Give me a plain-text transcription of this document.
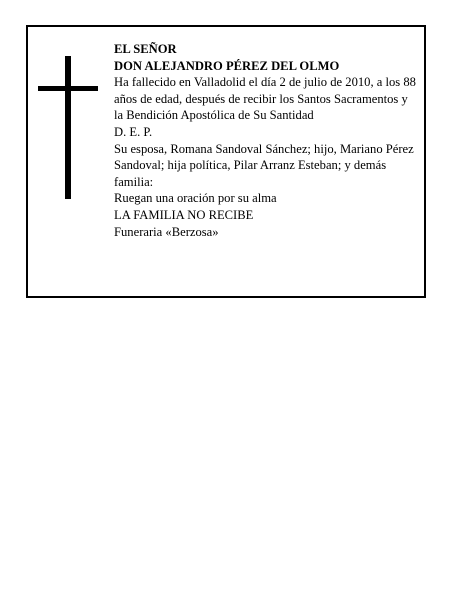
EL SEÑOR

DON ALEJANDRO PÉREZ DEL OLMO

Ha fallecido en Valladolid el día 2 de julio de 2010, a los 88 años de edad, después de recibir los Santos Sacramentos y la Bendición Apostólica de Su Santidad

D. E. P.

Su esposa, Romana Sandoval Sánchez; hijo, Mariano Pérez Sandoval; hija política, Pilar Arranz Esteban; y demás familia:

Ruegan una oración por su alma

LA FAMILIA NO RECIBE

Funeraria «Berzosa»
